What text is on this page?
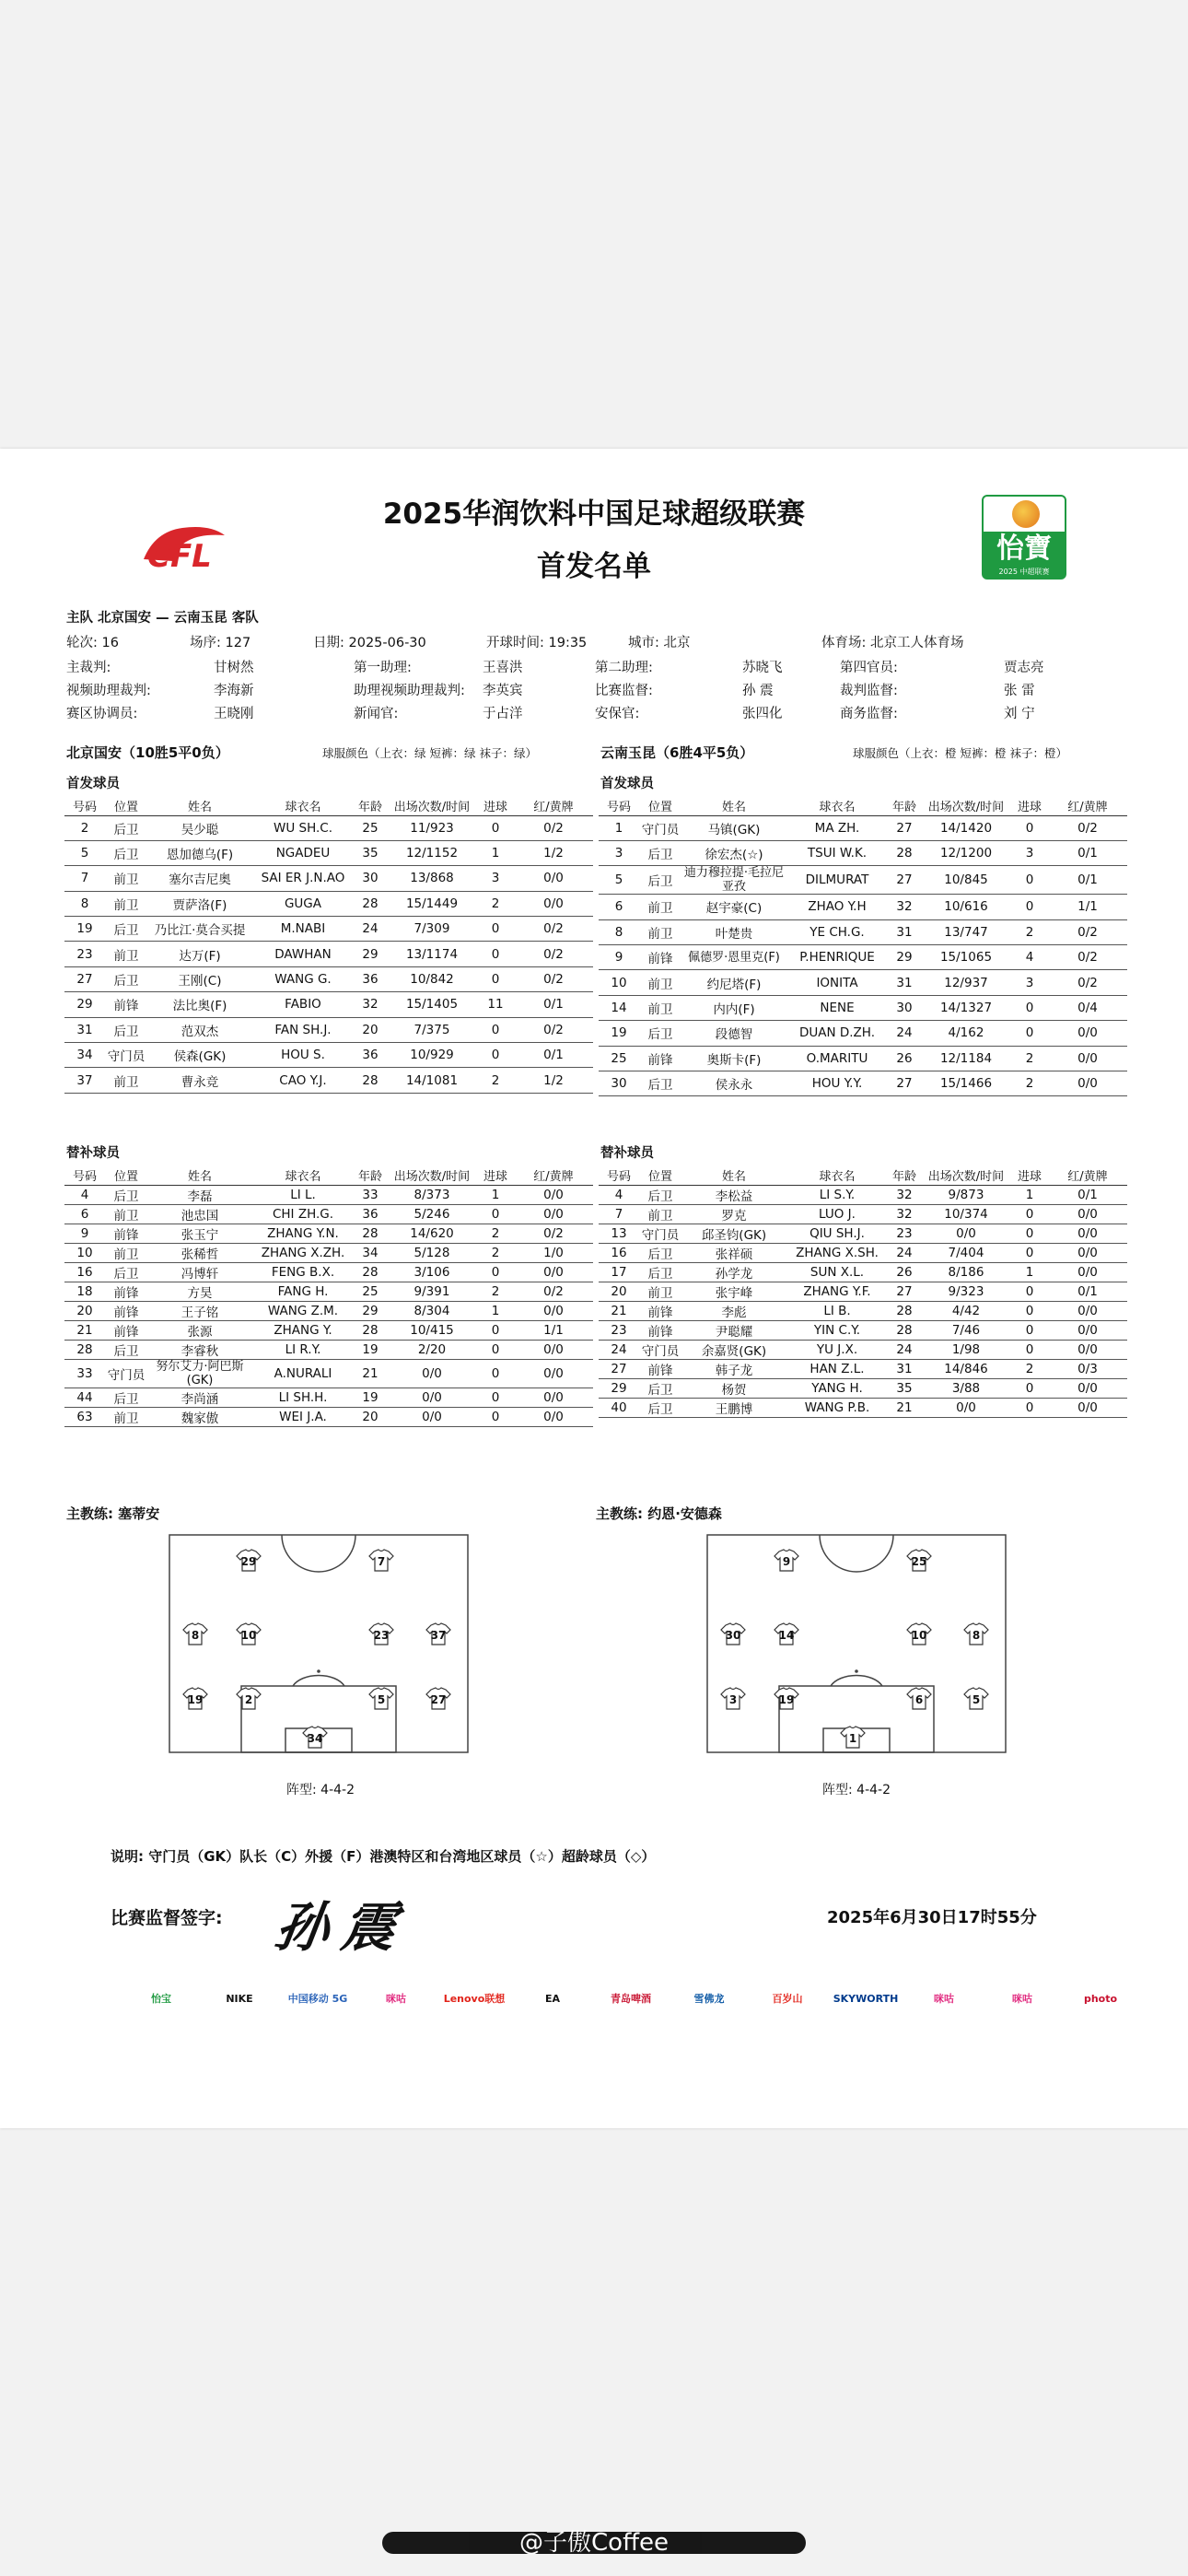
CFL	怡寶
2025 中超联赛
2025华润饮料中国足球超级联赛
首发名单
主队 北京国安 — 云南玉昆 客队
轮次: 16	场序: 127	日期: 2025-06-30	开球时间: 19:35	城市: 北京	体育场: 北京工人体育场
主裁判:	甘树然	第一助理:	王喜洪	第二助理:	苏晓飞	第四官员:	贾志亮
视频助理裁判:	李海新	助理视频助理裁判: 李英宾	比赛监督:	孙 震	裁判监督:	张 雷
赛区协调员:	王晓刚	新闻官:	于占洋	安保官:	张四化	商务监督:	刘 宁
北京国安（10胜5平0负）	球服颜色（上衣：绿 短裤：绿 袜子：绿）	云南玉昆（6胜4平5负）	球服颜色（上衣：橙 短裤：橙 袜子：橙）
首发球员	首发球员
号码	位置	姓名	球衣名	年龄	出场次数/时间	进球	红/黄牌
2	后卫	吴少聪	WU SH.C.	25	11/923	0	0/2
5	后卫	恩加德乌(F)	NGADEU	35	12/1152	1	1/2
7	前卫	塞尔吉尼奥	SAI ER J.N.AO	30	13/868	3	0/0
8	前卫	贾萨洛(F)	GUGA	28	15/1449	2	0/0
19	后卫	乃比江·莫合买提	M.NABI	24	7/309	0	0/2
23	前卫	达万(F)	DAWHAN	29	13/1174	0	0/2
27	后卫	王刚(C)	WANG G.	36	10/842	0	0/2
29	前锋	法比奥(F)	FABIO	32	15/1405	11	0/1
31	后卫	范双杰	FAN SH.J.	20	7/375	0	0/2
34	守门员	侯森(GK)	HOU S.	36	10/929	0	0/1
37	前卫	曹永竞	CAO Y.J.	28	14/1081	2	1/2
号码	位置	姓名	球衣名	年龄	出场次数/时间	进球	红/黄牌
1	守门员	马镇(GK)	MA ZH.	27	14/1420	0	0/2
3	后卫	徐宏杰(☆)	TSUI W.K.	28	12/1200	3	0/1
5	后卫	迪力穆拉提·毛拉尼亚孜	DILMURAT	27	10/845	0	0/1
6	前卫	赵宇豪(C)	ZHAO Y.H	32	10/616	0	1/1
8	前卫	叶楚贵	YE CH.G.	31	13/747	2	0/2
9	前锋	佩德罗·恩里克(F)	P.HENRIQUE	29	15/1065	4	0/2
10	前卫	约尼塔(F)	IONITA	31	12/937	3	0/2
14	前卫	内内(F)	NENE	30	14/1327	0	0/4
19	后卫	段德智	DUAN D.ZH.	24	4/162	0	0/0
25	前锋	奥斯卡(F)	O.MARITU	26	12/1184	2	0/0
30	后卫	侯永永	HOU Y.Y.	27	15/1466	2	0/0
替补球员	替补球员
号码	位置	姓名	球衣名	年龄	出场次数/时间	进球	红/黄牌
4	后卫	李磊	LI L.	33	8/373	1	0/0
6	前卫	池忠国	CHI ZH.G.	36	5/246	0	0/0
9	前锋	张玉宁	ZHANG Y.N.	28	14/620	2	0/2
10	前卫	张稀哲	ZHANG X.ZH.	34	5/128	2	1/0
16	后卫	冯博轩	FENG B.X.	28	3/106	0	0/0
18	前锋	方昊	FANG H.	25	9/391	2	0/2
20	前锋	王子铭	WANG Z.M.	29	8/304	1	0/0
21	前锋	张源	ZHANG Y.	28	10/415	0	1/1
28	后卫	李睿秋	LI R.Y.	19	2/20	0	0/0
33	守门员	努尔艾力·阿巴斯(GK)	A.NURALI	21	0/0	0	0/0
44	后卫	李尚涵	LI SH.H.	19	0/0	0	0/0
63	前卫	魏家傲	WEI J.A.	20	0/0	0	0/0
号码	位置	姓名	球衣名	年龄	出场次数/时间	进球	红/黄牌
4	后卫	李松益	LI S.Y.	32	9/873	1	0/1
7	前卫	罗克	LUO J.	32	10/374	0	0/0
13	守门员	邱圣钧(GK)	QIU SH.J.	23	0/0	0	0/0
16	后卫	张祥硕	ZHANG X.SH.	24	7/404	0	0/0
17	后卫	孙学龙	SUN X.L.	26	8/186	1	0/0
20	前卫	张宇峰	ZHANG Y.F.	27	9/323	0	0/1
21	前锋	李彪	LI B.	28	4/42	0	0/0
23	前锋	尹聪耀	YIN C.Y.	28	7/46	0	0/0
24	守门员	余嘉贤(GK)	YU J.X.	24	1/98	0	0/0
27	前锋	韩子龙	HAN Z.L.	31	14/846	2	0/3
29	后卫	杨贺	YANG H.	35	3/88	0	0/0
40	后卫	王鹏博	WANG P.B.	21	0/0	0	0/0
主教练: 塞蒂安	主教练: 约恩·安德森
29	7
8	10	23	37
19	2	5	27
34
9	25
30	14	10	8
3	19	6	5
1
阵型: 4-4-2	阵型: 4-4-2
说明: 守门员（GK）队长（C）外援（F）港澳特区和台湾地区球员（☆）超龄球员（◇）
比赛监督签字: 孙震	2025年6月30日17时55分
怡宝	NIKE	中国移动 5G	咪咕	Lenovo联想	EA	青岛啤酒	雪佛龙	百岁山	SKYWORTH	咪咕	咪咕	photo
@子傲Coffee
